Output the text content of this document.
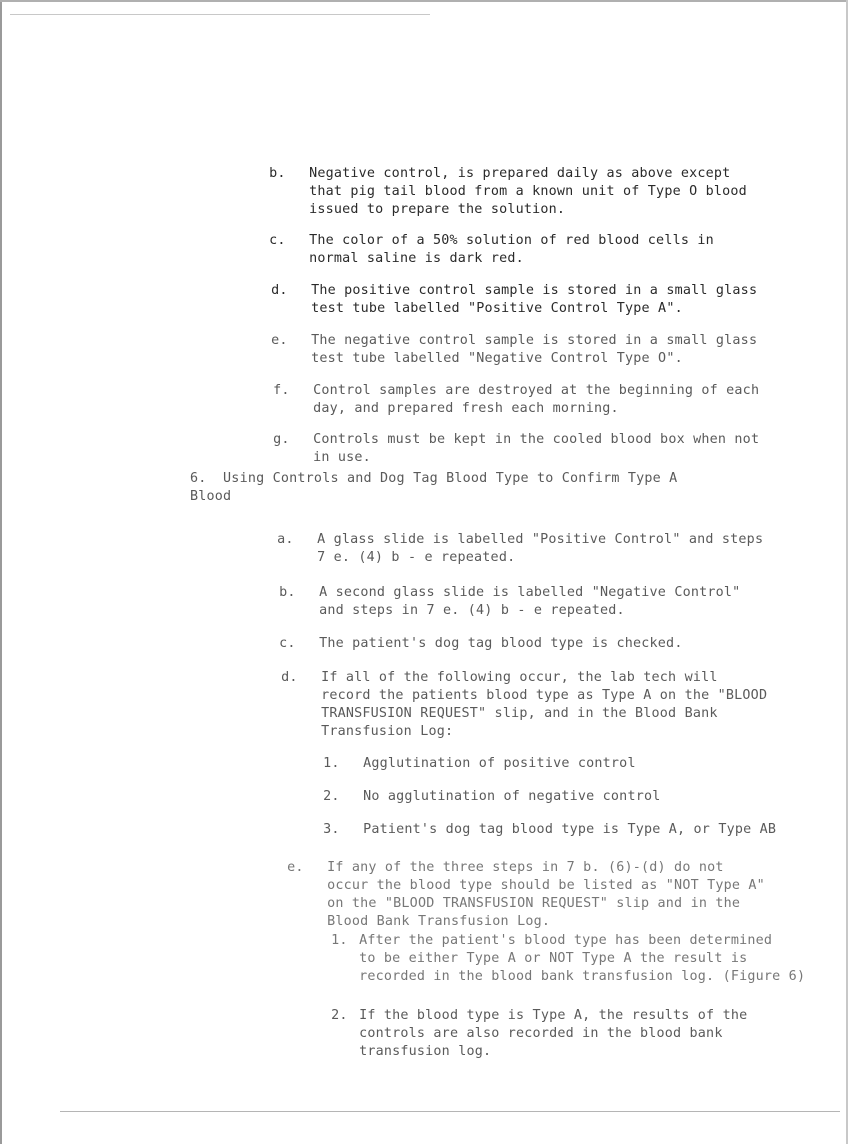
b. Negative control, is prepared daily as above except
that pig tail blood from a known unit of Type O blood
issued to prepare the solution.

c. The color of a 50% solution of red blood cells in
normal saline is dark red.

d. The positive control sample is stored in a small glass
test tube labelled "Positive Control Type A".

e. The negative control sample is stored in a small glass
test tube labelled "Negative Control Type O".

f. Control samples are destroyed at the beginning of each
day, and prepared fresh each morning.

g. Controls must be kept in the cooled blood box when not
in use.

6.  Using Controls and Dog Tag Blood Type to Confirm Type A
Blood

a. A glass slide is labelled "Positive Control" and steps
7 e. (4) b - e repeated.

b. A second glass slide is labelled "Negative Control"
and steps in 7 e. (4) b - e repeated.

c. The patient's dog tag blood type is checked.

d. If all of the following occur, the lab tech will
record the patients blood type as Type A on the "BLOOD
TRANSFUSION REQUEST" slip, and in the Blood Bank
Transfusion Log:

1. Agglutination of positive control

2. No agglutination of negative control

3. Patient's dog tag blood type is Type A, or Type AB

e. If any of the three steps in 7 b. (6)-(d) do not
occur the blood type should be listed as "NOT Type A"
on the "BLOOD TRANSFUSION REQUEST" slip and in the
Blood Bank Transfusion Log.

1. After the patient's blood type has been determined
to be either Type A or NOT Type A the result is
recorded in the blood bank transfusion log. (Figure 6)

2. If the blood type is Type A, the results of the
controls are also recorded in the blood bank
transfusion log.
